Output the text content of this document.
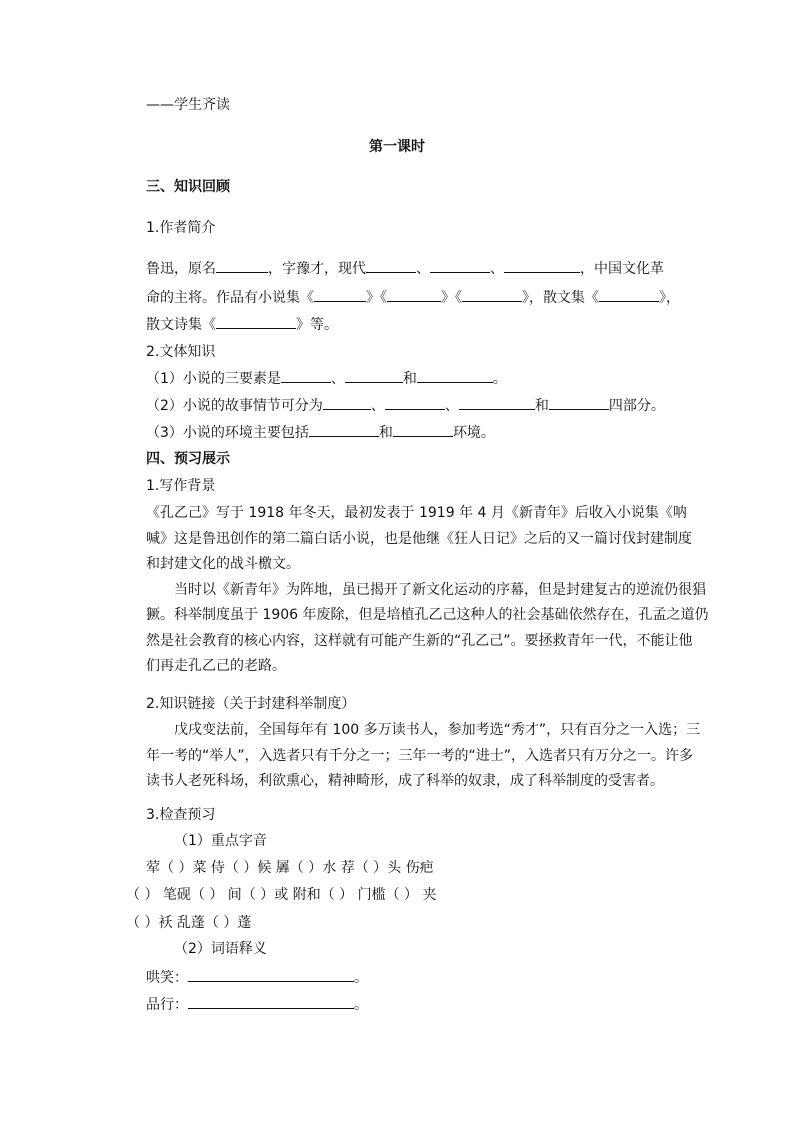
——学生齐读
第一课时
三、知识回顾
1.作者简介
鲁迅，原名	，字豫才，现代	、	、	，中国文化革
命的主将。作品有小说集《	》《	》《	》，散文集《	》，
散文诗集《	》等。
2.文体知识
（1）小说的三要素是	、	和	。
（2）小说的故事情节可分为	、	、	和	四部分。
（3）小说的环境主要包括	和	环境。
四、预习展示
1.写作背景
《孔乙己》写于 1918 年冬天，最初发表于 1919 年 4 月《新青年》后收入小说集《呐
喊》这是鲁迅创作的第二篇白话小说，也是他继《狂人日记》之后的又一篇讨伐封建制度
和封建文化的战斗檄文。
当时以《新青年》为阵地，虽已揭开了新文化运动的序幕，但是封建复古的逆流仍很猖
獗。科举制度虽于 1906 年废除，但是培植孔乙己这种人的社会基础依然存在，孔孟之道仍
然是社会教育的核心内容，这样就有可能产生新的“孔乙己”。要拯救青年一代，不能让他
们再走孔乙己的老路。
2.知识链接（关于封建科举制度）
戊戌变法前，全国每年有 100 多万读书人，参加考选“秀才”，只有百分之一入选；三
年一考的“举人”，入选者只有千分之一；三年一考的“进士”，入选者只有万分之一。许多
读书人老死科场，利欲熏心，精神畸形，成了科举的奴隶，成了科举制度的受害者。
3.检查预习
（1）重点字音
荤（ ）菜 侍（ ）候 羼（ ）水 荐（ ）头 伤疤
（ ） 笔砚（ ） 间（ ）或 附和（ ） 门槛（ ） 夹
（ ）袄 乱蓬（ ）蓬
（2）词语释义
哄笑：	。
品行：	。
